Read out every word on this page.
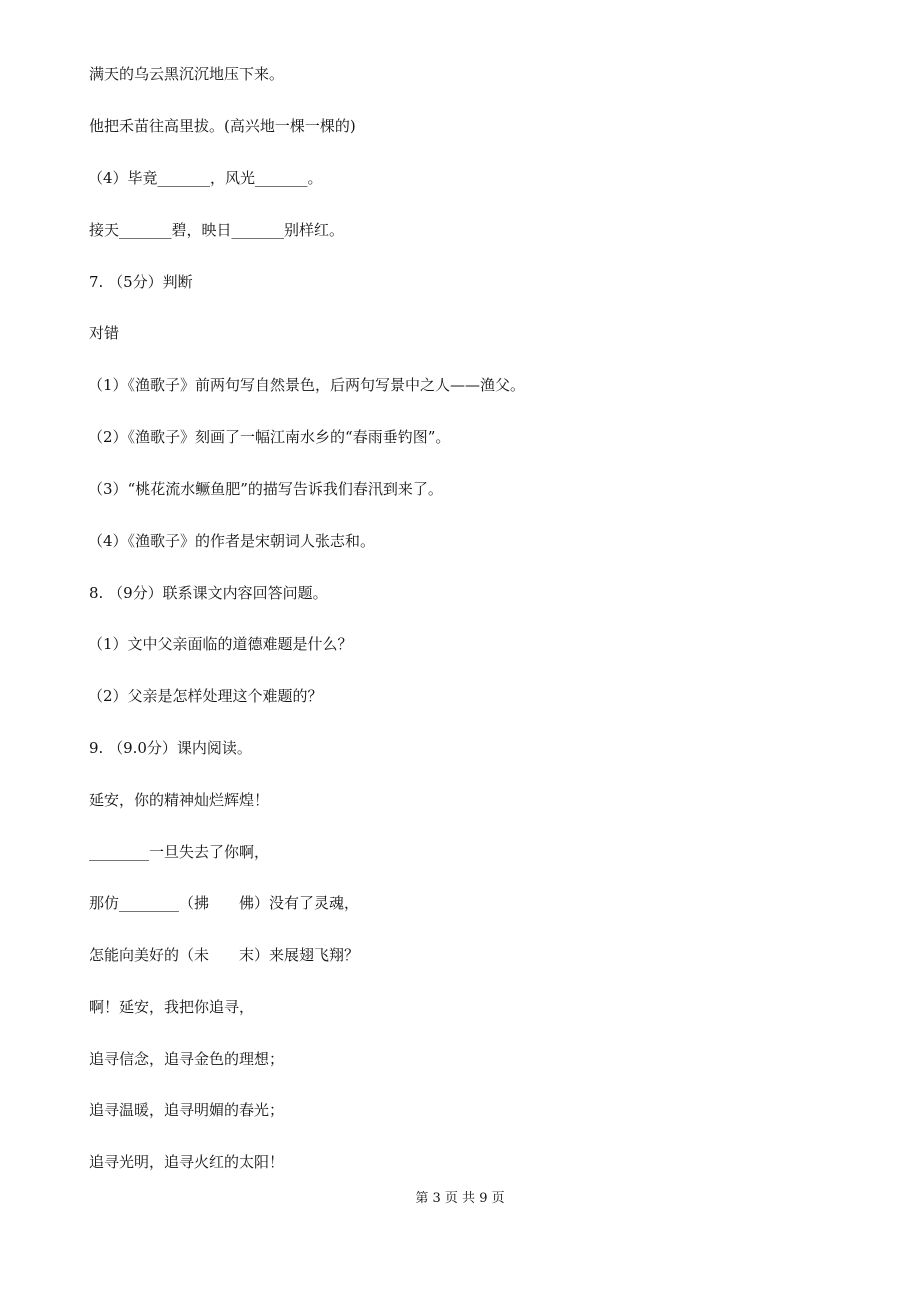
满天的乌云黑沉沉地压下来。
他把禾苗往高里拔。(高兴地一棵一棵的)
（4）毕竟_______，风光_______。
接天_______碧，映日_______别样红。
7. （5分）判断
对错
（1）《渔歌子》前两句写自然景色，后两句写景中之人——渔父。
（2）《渔歌子》刻画了一幅江南水乡的“春雨垂钓图”。
（3）“桃花流水鳜鱼肥”的描写告诉我们春汛到来了。
（4）《渔歌子》的作者是宋朝词人张志和。
8. （9分）联系课文内容回答问题。
（1）文中父亲面临的道德难题是什么？
（2）父亲是怎样处理这个难题的？
9. （9.0分）课内阅读。
延安，你的精神灿烂辉煌！
________一旦失去了你啊，
那仿________（拂　　佛）没有了灵魂，
怎能向美好的（未　　末）来展翅飞翔？
啊！延安，我把你追寻，
追寻信念，追寻金色的理想；
追寻温暖，追寻明媚的春光；
追寻光明，追寻火红的太阳！
第 3 页 共 9 页
